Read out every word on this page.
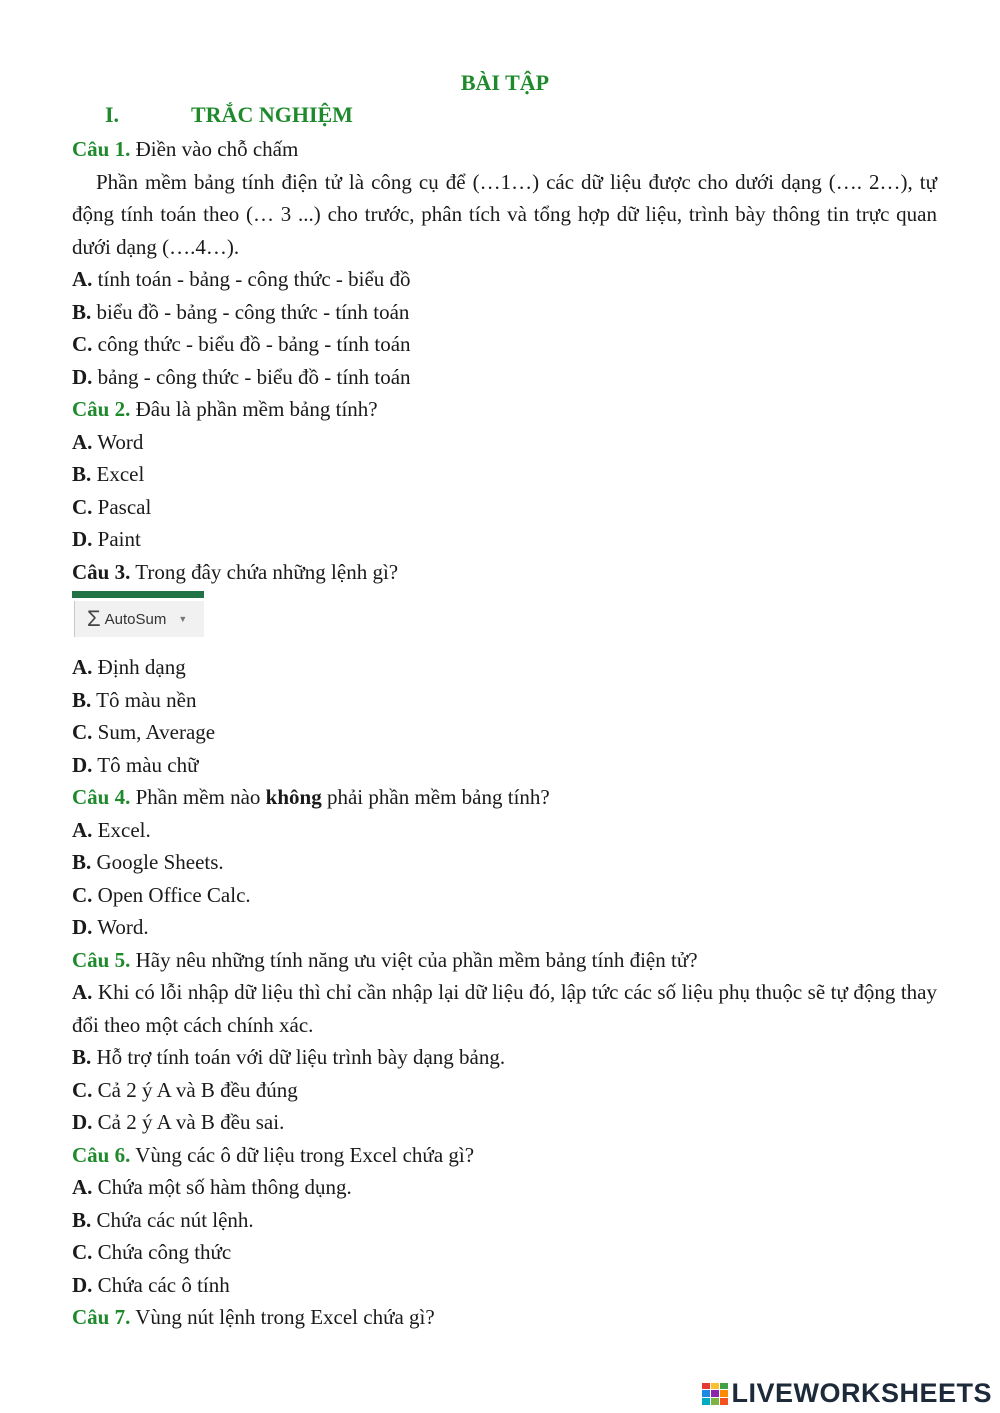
BÀI TẬP
I.	TRẮC NGHIỆM
Câu 1. Điền vào chỗ chấm
Phần mềm bảng tính điện tử là công cụ để (…1…) các dữ liệu được cho dưới dạng (…. 2…), tự động tính toán theo (… 3 ...) cho trước, phân tích và tổng hợp dữ liệu, trình bày thông tin trực quan dưới dạng (….4…).
A. tính toán - bảng - công thức - biểu đồ
B. biểu đồ - bảng - công thức - tính toán
C. công thức - biểu đồ - bảng - tính toán
D. bảng - công thức - biểu đồ - tính toán
Câu 2. Đâu là phần mềm bảng tính?
A. Word
B. Excel
C. Pascal
D. Paint
Câu 3. Trong đây chứa những lệnh gì?
Σ AutoSum ▼
A. Định dạng
B. Tô màu nền
C. Sum, Average
D. Tô màu chữ
Câu 4. Phần mềm nào không phải phần mềm bảng tính?
A. Excel.
B. Google Sheets.
C. Open Office Calc.
D. Word.
Câu 5. Hãy nêu những tính năng ưu việt của phần mềm bảng tính điện tử?
A. Khi có lỗi nhập dữ liệu thì chỉ cần nhập lại dữ liệu đó, lập tức các số liệu phụ thuộc sẽ tự động thay đổi theo một cách chính xác.
B. Hỗ trợ tính toán với dữ liệu trình bày dạng bảng.
C. Cả 2 ý A và B đều đúng
D. Cả 2 ý A và B đều sai.
Câu 6. Vùng các ô dữ liệu trong Excel chứa gì?
A. Chứa một số hàm thông dụng.
B. Chứa các nút lệnh.
C. Chứa công thức
D. Chứa các ô tính
Câu 7. Vùng nút lệnh trong Excel chứa gì?
LIVEWORKSHEETS
